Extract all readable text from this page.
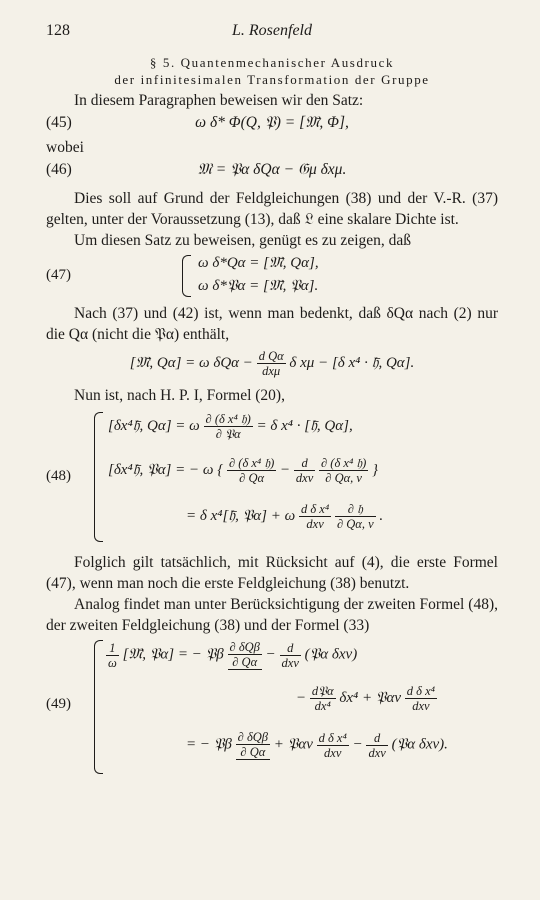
128	L. Rosenfeld
§ 5. Quantenmechanischer Ausdruck
der infinitesimalen Transformation der Gruppe

In diesem Paragraphen beweisen wir den Satz:

(45)	ω δ* Φ(Q, 𝔓) = [𝔐̄, Φ],

wobei

(46)	𝔐 = 𝔓α δQα − 𝔊μ δxμ.

Dies soll auf Grund der Feldgleichungen (38) und der V.-R. (37) gelten, unter der Voraussetzung (13), daß 𝔏 eine skalare Dichte ist.

Um diesen Satz zu beweisen, genügt es zu zeigen, daß

(47)
ω δ*Qα = [𝔐̄, Qα],
ω δ*𝔓α = [𝔐̄, 𝔓α].

Nach (37) und (42) ist, wenn man bedenkt, daß δQα nach (2) nur die Qα (nicht die 𝔓α) enthält,

[𝔐̄, Qα] = ω $\delta Q\alpha - \frac{\text{d Qα}}{\text{dxμ}}$ δ xμ − [δ x⁴ · 𝔥̄, Qα].

Nun ist, nach H. P. I, Formel (20),

(48)
[δx⁴𝔥̄, Qα] = ω $\frac{\text{∂ (δ x⁴ 𝔥)}}{\text{∂ 𝔓α}} = \delta$ x⁴ · [𝔥̄, Qα],
[δx⁴𝔥̄, 𝔓α] = − ω { $\frac{\text{∂ (δ x⁴ 𝔥)}}{\partial Q\alpha} - \frac{d}{\text{dxν}}$
$\frac{\text{∂ (δ x⁴ 𝔥)}}{\partial Q\alpha, \nu}$ }
= δ x⁴[𝔥̄, 𝔓α] + ω $\frac{\text{d δ x⁴}}{\text{dxν}}$
$\frac{\text{∂ 𝔥}}{\partial Q\alpha, \nu}$ .

Folglich gilt tatsächlich, mit Rücksicht auf (4), die erste Formel (47), wenn man noch die erste Feldgleichung (38) benutzt.

Analog findet man unter Berücksichtigung der zweiten Formel (48), der zweiten Feldgleichung (38) und der Formel (33)

(49)
$\frac{1}{\omega}$ [𝔐̄, 𝔓α] = − 𝔓β $\frac{\text{∂ δQβ}}{\partial Q\alpha} - \frac{d}{\text{dxν}}$ (𝔓α δxν)
− $\frac{\text{d𝔓α}}{\text{dx⁴}} \delta x^4$ + 𝔓αν $\frac{\text{d δ x⁴}}{\text{dxν}}$
= − 𝔓β $\frac{\text{∂ δQβ}}{\partial Q\alpha}$ + 𝔓αν $\frac{\text{d δ x⁴}}{\text{dxν}} - \frac{d}{\text{dxν}}$ (𝔓α δxν).
